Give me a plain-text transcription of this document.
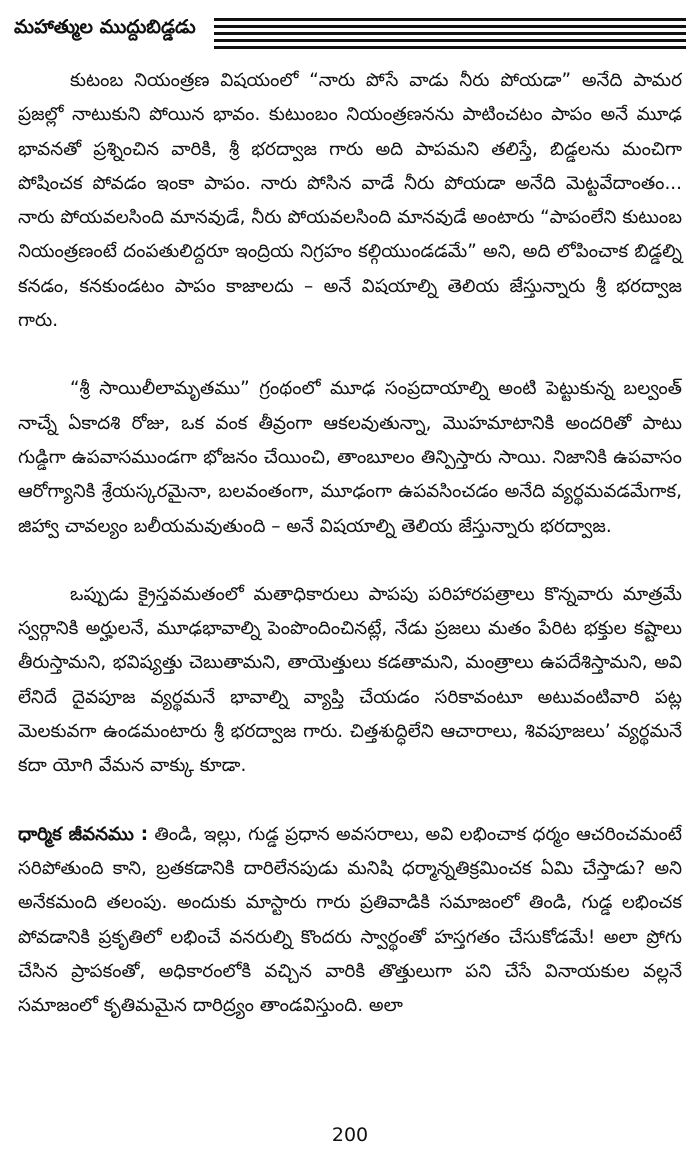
మహాత్ముల ముద్దుబిడ్డడు

కుటంబ నియంత్రణ విషయంలో “నారు పోసే వాడు నీరు పోయడా” అనేది పామర ప్రజల్లో నాటుకుని పోయిన భావం. కుటుంబం నియంత్రణనను పాటించటం పాపం అనే మూఢ భావనతో ప్రశ్నించిన వారికి, శ్రీ భరద్వాజ గారు అది పాపమని తలిస్తే, బిడ్డలను మంచిగా పోషించక పోవడం ఇంకా పాపం. నారు పోసిన వాడే నీరు పోయడా అనేది మెట్టవేదాంతం... నారు పోయవలసింది మానవుడే, నీరు పోయవలసింది మానవుడే అంటారు “పాపంలేని కుటుంబ నియంత్రణంటే దంపతులిద్దరూ ఇంద్రియ నిగ్రహం కల్గియుండడమే” అని, అది లోపించాక బిడ్డల్ని కనడం, కనకుండటం పాపం కాజాలదు – అనే విషయాల్ని తెలియ జేస్తున్నారు శ్రీ భరద్వాజ గారు.

“శ్రీ సాయిలీలామృతము” గ్రంథంలో మూఢ సంప్రదాయాల్ని అంటి పెట్టుకున్న బల్వంత్ నాచ్నే ఏకాదశి రోజు, ఒక వంక తీవ్రంగా ఆకలవుతున్నా, మొహమాటానికి అందరితో పాటు గుడ్డిగా ఉపవాసముండగా భోజనం చేయించి, తాంబూలం తిన్పిస్తారు సాయి. నిజానికి ఉపవాసం ఆరోగ్యానికి శ్రేయస్కరమైనా, బలవంతంగా, మూఢంగా ఉపవసించడం అనేది వ్యర్థమవడమేగాక, జిహ్వా చావల్యం బలీయమవుతుంది – అనే విషయాల్ని తెలియ జేస్తున్నారు భరద్వాజ.

ఒప్పుడు క్రైస్తవమతంలో మతాధికారులు పాపపు పరిహారపత్రాలు కొన్నవారు మాత్రమే స్వర్గానికి అర్హులనే, మూఢభావాల్ని పెంపొందించినట్లే, నేడు ప్రజలు మతం పేరిట భక్తుల కష్టాలు తీరుస్తామని, భవిష్యత్తు చెబుతామని, తాయెత్తులు కడతామని, మంత్రాలు ఉపదేశిస్తామని, అవి లేనిదే దైవపూజ వ్యర్థమనే భావాల్ని వ్యాప్తి చేయడం సరికావంటూ అటువంటివారి పట్ల మెలకువగా ఉండమంటారు శ్రీ భరద్వాజ గారు. చిత్తశుద్ధిలేని ఆచారాలు, శివపూజలు’ వ్యర్థమనే కదా యోగి వేమన వాక్కు కూడా.

ధార్మిక జీవనము : తిండి, ఇల్లు, గుడ్డ ప్రధాన అవసరాలు, అవి లభించాక ధర్మం ఆచరించమంటే సరిపోతుంది కాని, బ్రతకడానికి దారిలేనపుడు మనిషి ధర్మాన్నతిక్రమించక ఏమి చేస్తాడు? అని అనేకమంది తలంపు. అందుకు మాస్టారు గారు ప్రతివాడికి సమాజంలో తిండి, గుడ్డ లభించక పోవడానికి ప్రకృతిలో లభించే వనరుల్ని కొందరు స్వార్థంతో హస్తగతం చేసుకోడమే! అలా ప్రోగు చేసిన ప్రాపకంతో, అధికారంలోకి వచ్చిన వారికి తొత్తులుగా పని చేసే వినాయకుల వల్లనే సమాజంలో కృతిమమైన దారిద్ర్యం తాండవిస్తుంది. అలా

200
